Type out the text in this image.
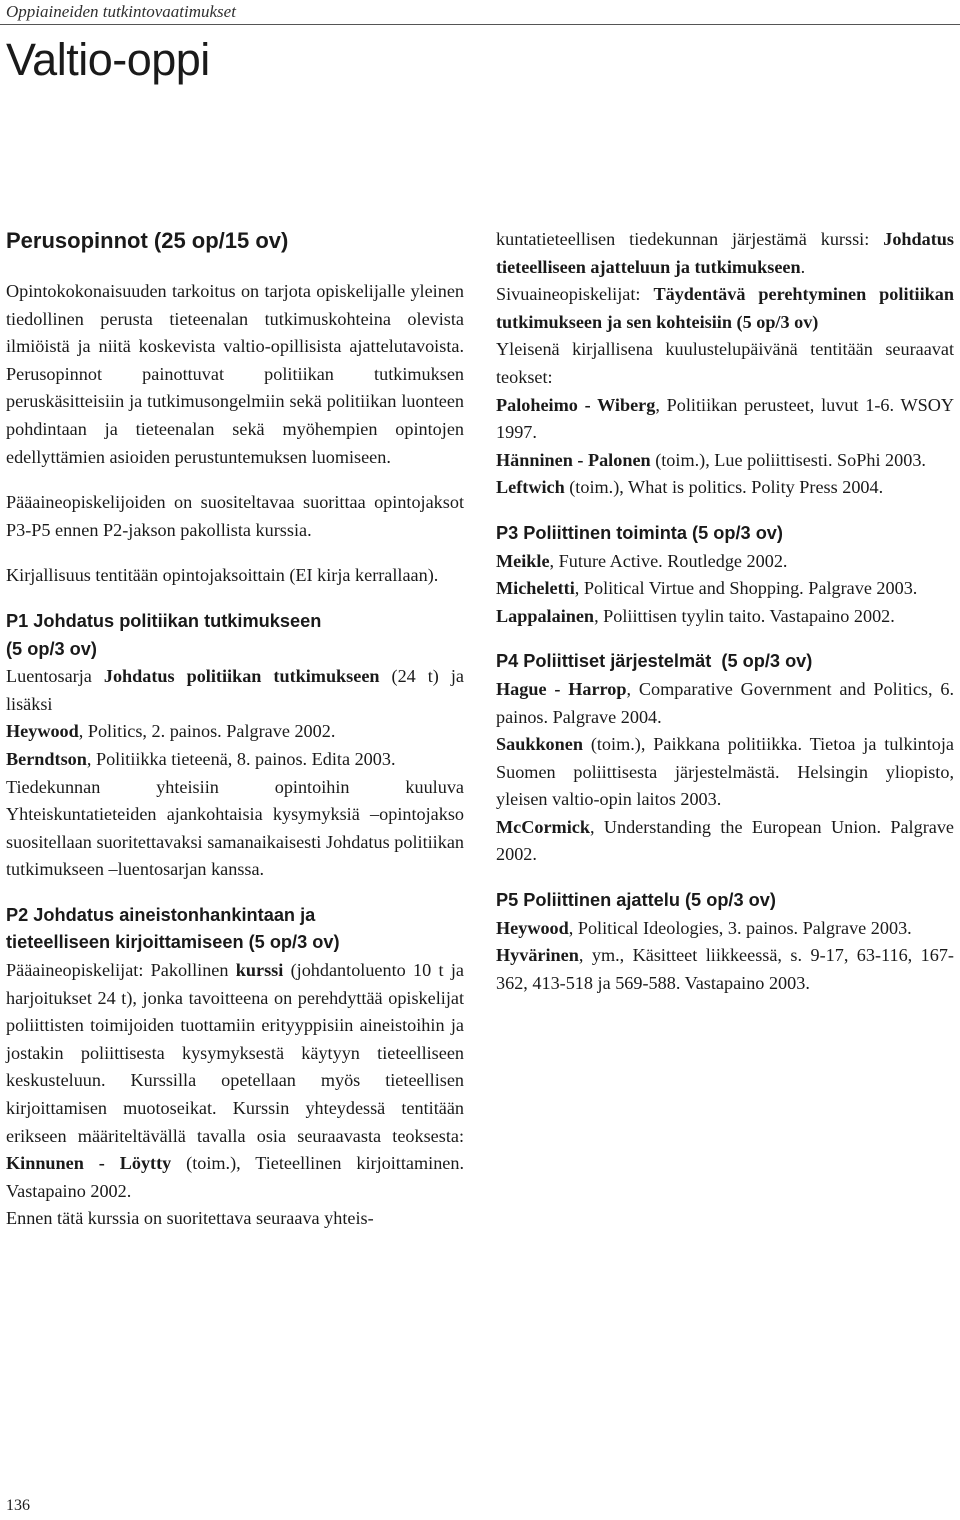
Oppiaineiden tutkintovaatimukset
Valtio-oppi
Perusopinnot (25 op/15 ov)

Opintokokonaisuuden tarkoitus on tarjota opiskelijalle yleinen tiedollinen perusta tieteenalan tutkimuskohteina olevista ilmiöistä ja niitä koskevista valtio-opillisista ajattelutavoista. Perusopinnot painottuvat politiikan tutkimuksen peruskäsitteisiin ja tutkimusongelmiin sekä politiikan luonteen pohdintaan ja tieteenalan sekä myöhempien opintojen edellyttämien asioiden perustuntemuksen luomiseen.

Pääaineopiskelijoiden on suositeltavaa suorittaa opintojaksot P3-P5 ennen P2-jakson pakollista kurssia.

Kirjallisuus tentitään opintojaksoittain (EI kirja kerrallaan).

P1 Johdatus politiikan tutkimukseen
(5 op/3 ov)

Luentosarja Johdatus politiikan tutkimukseen (24 t) ja lisäksi

Heywood, Politics, 2. painos. Palgrave 2002.

Berndtson, Politiikka tieteenä, 8. painos. Edita 2003.

Tiedekunnan yhteisiin opintoihin kuuluva Yhteiskuntatieteiden ajankohtaisia kysymyksiä –opintojakso suositellaan suoritettavaksi samanaikaisesti Johdatus politiikan tutkimukseen –luentosarjan kanssa.

P2 Johdatus aineistonhankintaan ja
tieteelliseen kirjoittamiseen (5 op/3 ov)

Pääaineopiskelijat: Pakollinen kurssi (johdantoluento 10 t ja harjoitukset 24 t), jonka tavoitteena on perehdyttää opiskelijat poliittisten toimijoiden tuottamiin erityyppisiin aineistoihin ja jostakin poliittisesta kysymyksestä käytyyn tieteelliseen keskusteluun. Kurssilla opetellaan myös tieteellisen kirjoittamisen muotoseikat. Kurssin yhteydessä tentitään erikseen määriteltävällä tavalla osia seuraavasta teoksesta: Kinnunen - Löytty (toim.), Tieteellinen kirjoittaminen. Vastapaino 2002.

Ennen tätä kurssia on suoritettava seuraava yhteis-

kuntatieteellisen tiedekunnan järjestämä kurssi: Johdatus tieteelliseen ajatteluun ja tutkimukseen.

Sivuaineopiskelijat: Täydentävä perehtyminen politiikan tutkimukseen ja sen kohteisiin (5 op/3 ov)

Yleisenä kirjallisena kuulustelupäivänä tentitään seuraavat teokset:

Paloheimo - Wiberg, Politiikan perusteet, luvut 1-6. WSOY 1997.

Hänninen - Palonen (toim.), Lue poliittisesti. SoPhi 2003.

Leftwich (toim.), What is politics. Polity Press 2004.

P3 Poliittinen toiminta (5 op/3 ov)

Meikle, Future Active. Routledge 2002.

Micheletti, Political Virtue and Shopping. Palgrave 2003.

Lappalainen, Poliittisen tyylin taito. Vastapaino 2002.

P4 Poliittiset järjestelmät  (5 op/3 ov)

Hague - Harrop, Comparative Government and Politics, 6. painos. Palgrave 2004.

Saukkonen (toim.), Paikkana politiikka. Tietoa ja tulkintoja Suomen poliittisesta järjestelmästä. Helsingin yliopisto, yleisen valtio-opin laitos 2003.

McCormick, Understanding the European Union. Palgrave 2002.

P5 Poliittinen ajattelu (5 op/3 ov)

Heywood, Political Ideologies, 3. painos. Palgrave 2003.

Hyvärinen, ym., Käsitteet liikkeessä, s. 9-17, 63-116, 167-362, 413-518 ja 569-588. Vastapaino 2003.

136
